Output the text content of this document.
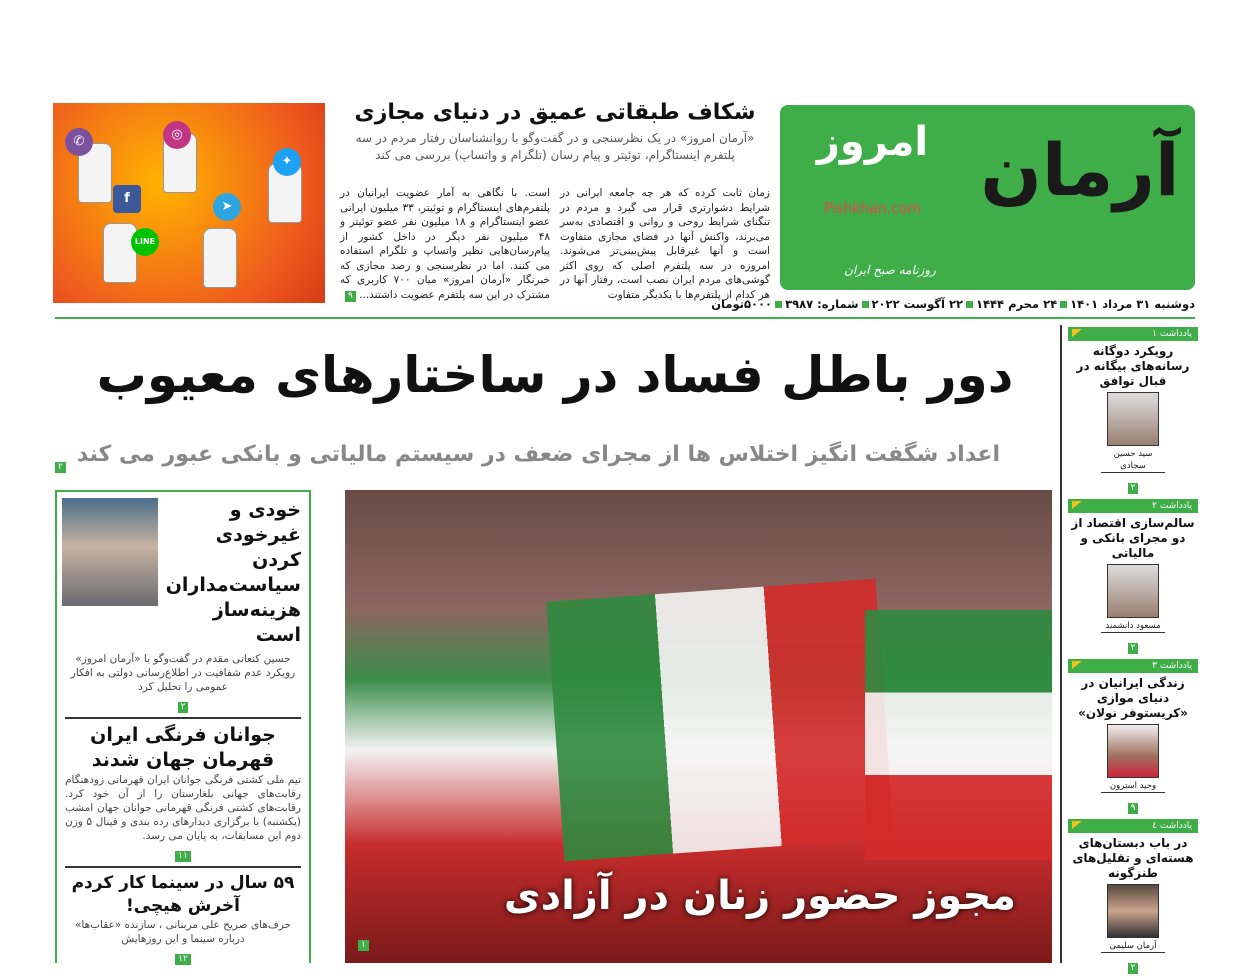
امروز آرمان
Pishkhan.com
روزنامه صبح ایران
دوشنبه ۳۱ مرداد ۱۴۰۱۲۴ محرم ۱۴۴۴۲۲ آگوست ۲۰۲۲شماره: ۳۹۸۷۵۰۰۰تومان
✆	◎
✦
f
➤
LINE
شکاف طبقاتی عمیق در دنیای مجازی
«آرمان امروز» در یک نظرسنجی و در گفت‌وگو با روانشناسان رفتار مردم در سه پلتفرم اینستاگرام، توئیتر و پیام رسان (تلگرام و واتساپ) بررسی می کند
زمان ثابت کرده که هر چه جامعه ایرانی در شرایط دشوارتری قرار می گیرد و مردم در تنگنای شرایط روحی و روانی و اقتصادی به‌سر می‌برند، واکنش آنها در فضای مجازی متفاوت است و آنها غیرقابل پیش‌بینی‌تر می‌شوند. امروزه در سه پلتفرم اصلی که روی اکثر گوشی‌های مردم ایران نصب است، رفتار آنها در هر کدام از پلتفرم‌ها با یکدیگر متفاوت
است. با نگاهی به آمار عضویت ایرانیان در پلتفرم‌های اینستاگرام و توئیتر، ۳۳ میلیون ایرانی عضو اینستاگرام و ۱۸ میلیون نفر عضو توئیتر و ۴۸ میلیون نفر دیگر در داخل کشور از پیام‌رسان‌هایی نظیر واتساپ و تلگرام استفاده می کنند. اما در نظرسنجی و رصد مجازی که خبرنگار «آرمان امروز» میان ۷۰۰ کاربری که مشترک در این سه پلتفرم عضویت داشتند... ۹
دور باطل فساد در ساختارهای معیوب
اعداد شگفت انگیز اختلاس ها از مجرای ضعف در سیستم مالیاتی و بانکی عبور می کند
۲
خودی و غیرخودی کردن سیاست‌مداران هزینه‌ساز است
حسین کنعانی مقدم در گفت‌وگو با «آرمان امروز» رویکرد عدم شفافیت در اطلاع‌رسانی دولتی به افکار عمومی را تحلیل کرد
۲
جوانان فرنگی ایران قهرمان جهان شدند
تیم ملی کشتی فرنگی جوانان ایران قهرمانی زودهنگام رقابت‌های جهانی بلغارستان را از آن خود کرد. رقابت‌های کشتی فرنگی قهرمانی جوانان جهان امشب (یکشنبه) با برگزاری دیدارهای رده بندی و فینال ۵ وزن دوم این مسابقات، به پایان می رسد.
۱۱
۵۹ سال در سینما کار کردم آخرش هیچی!
حرف‌های صریح علی مربنانی ، سازنده «عقاب‌ها» درباره سینما و این روزهایش
۱۲
مجوز حضور زنان در آزادی
۱
یادداشت ۱
رویکرد دوگانه رسانه‌های بیگانه در قبال توافق
سید حسین سجادی
۲
یادداشت ۲
سالم‌سازی اقتصاد از دو مجرای بانکی و مالیاتی
مسعود دانشمند
۲
یادداشت ۳
زندگی ایرانیان در دنیای موازی «کریستوفر نولان»
وحید استرون
۹
یادداشت ٤
در باب دبستان‌های هسته‌ای و تقلیل‌های طنزگونه
آرمان سلیمی
۲
